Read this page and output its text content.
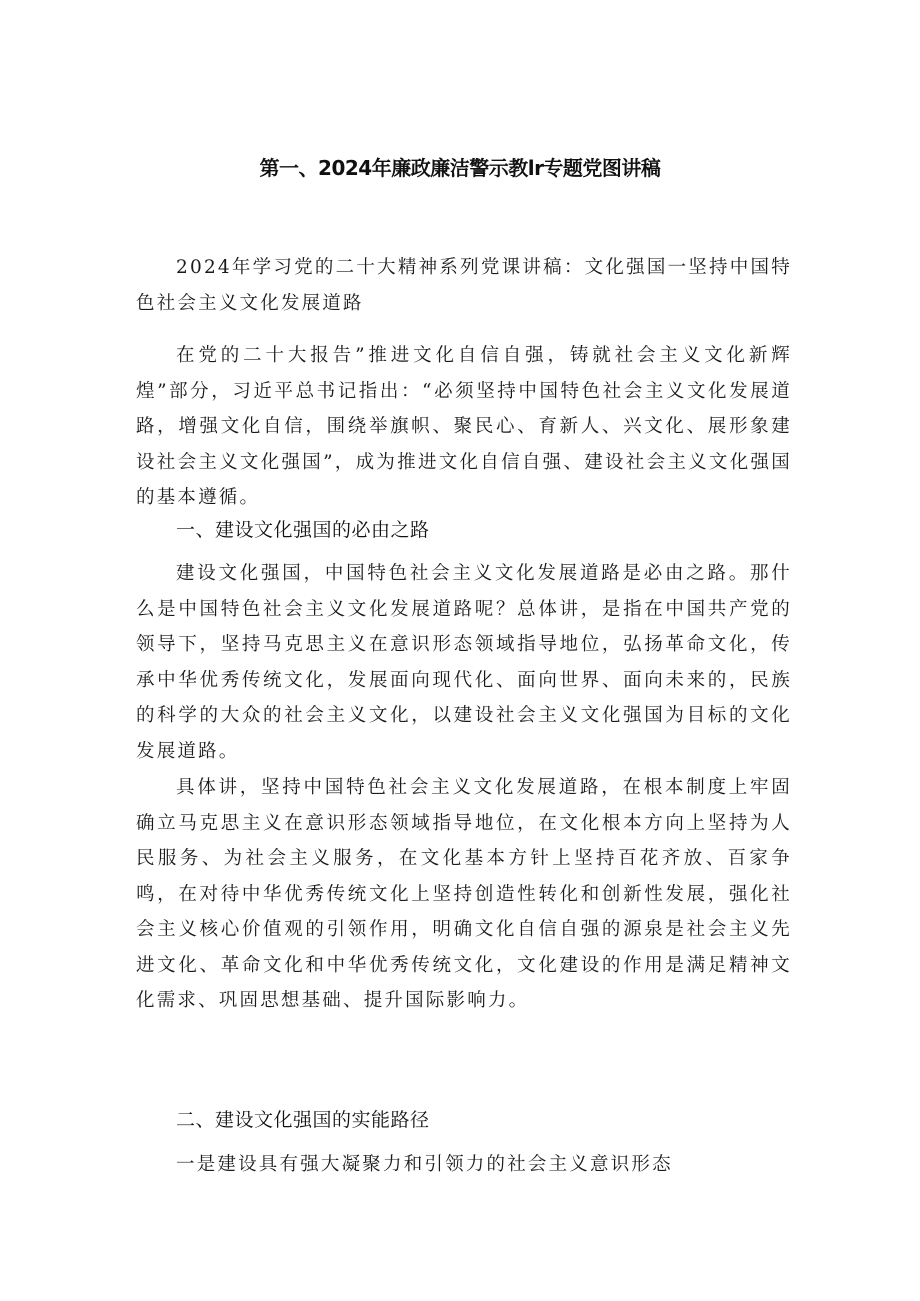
第一、2024年廉政廉洁警示教lr专题党图讲稿

2024年学习党的二十大精神系列党课讲稿：文化强国一坚持中国特色社会主义文化发展道路

在党的二十大报告”推进文化自信自强，铸就社会主义文化新辉煌”部分，习近平总书记指出：“必须坚持中国特色社会主义文化发展道路，增强文化自信，围绕举旗帜、聚民心、育新人、兴文化、展形象建设社会主义文化强国”，成为推进文化自信自强、建设社会主义文化强国的基本遵循。

一、建设文化强国的必由之路

建设文化强国，中国特色社会主义文化发展道路是必由之路。那什么是中国特色社会主义文化发展道路呢？总体讲，是指在中国共产党的领导下，坚持马克思主义在意识形态领域指导地位，弘扬革命文化，传承中华优秀传统文化，发展面向现代化、面向世界、面向未来的，民族的科学的大众的社会主义文化，以建设社会主义文化强国为目标的文化发展道路。

具体讲，坚持中国特色社会主义文化发展道路，在根本制度上牢固确立马克思主义在意识形态领域指导地位，在文化根本方向上坚持为人民服务、为社会主义服务，在文化基本方针上坚持百花齐放、百家争鸣，在对待中华优秀传统文化上坚持创造性转化和创新性发展，强化社会主义核心价值观的引领作用，明确文化自信自强的源泉是社会主义先进文化、革命文化和中华优秀传统文化，文化建设的作用是满足精神文化需求、巩固思想基础、提升国际影响力。

二、建设文化强国的实能路径

一是建设具有强大凝聚力和引领力的社会主义意识形态
